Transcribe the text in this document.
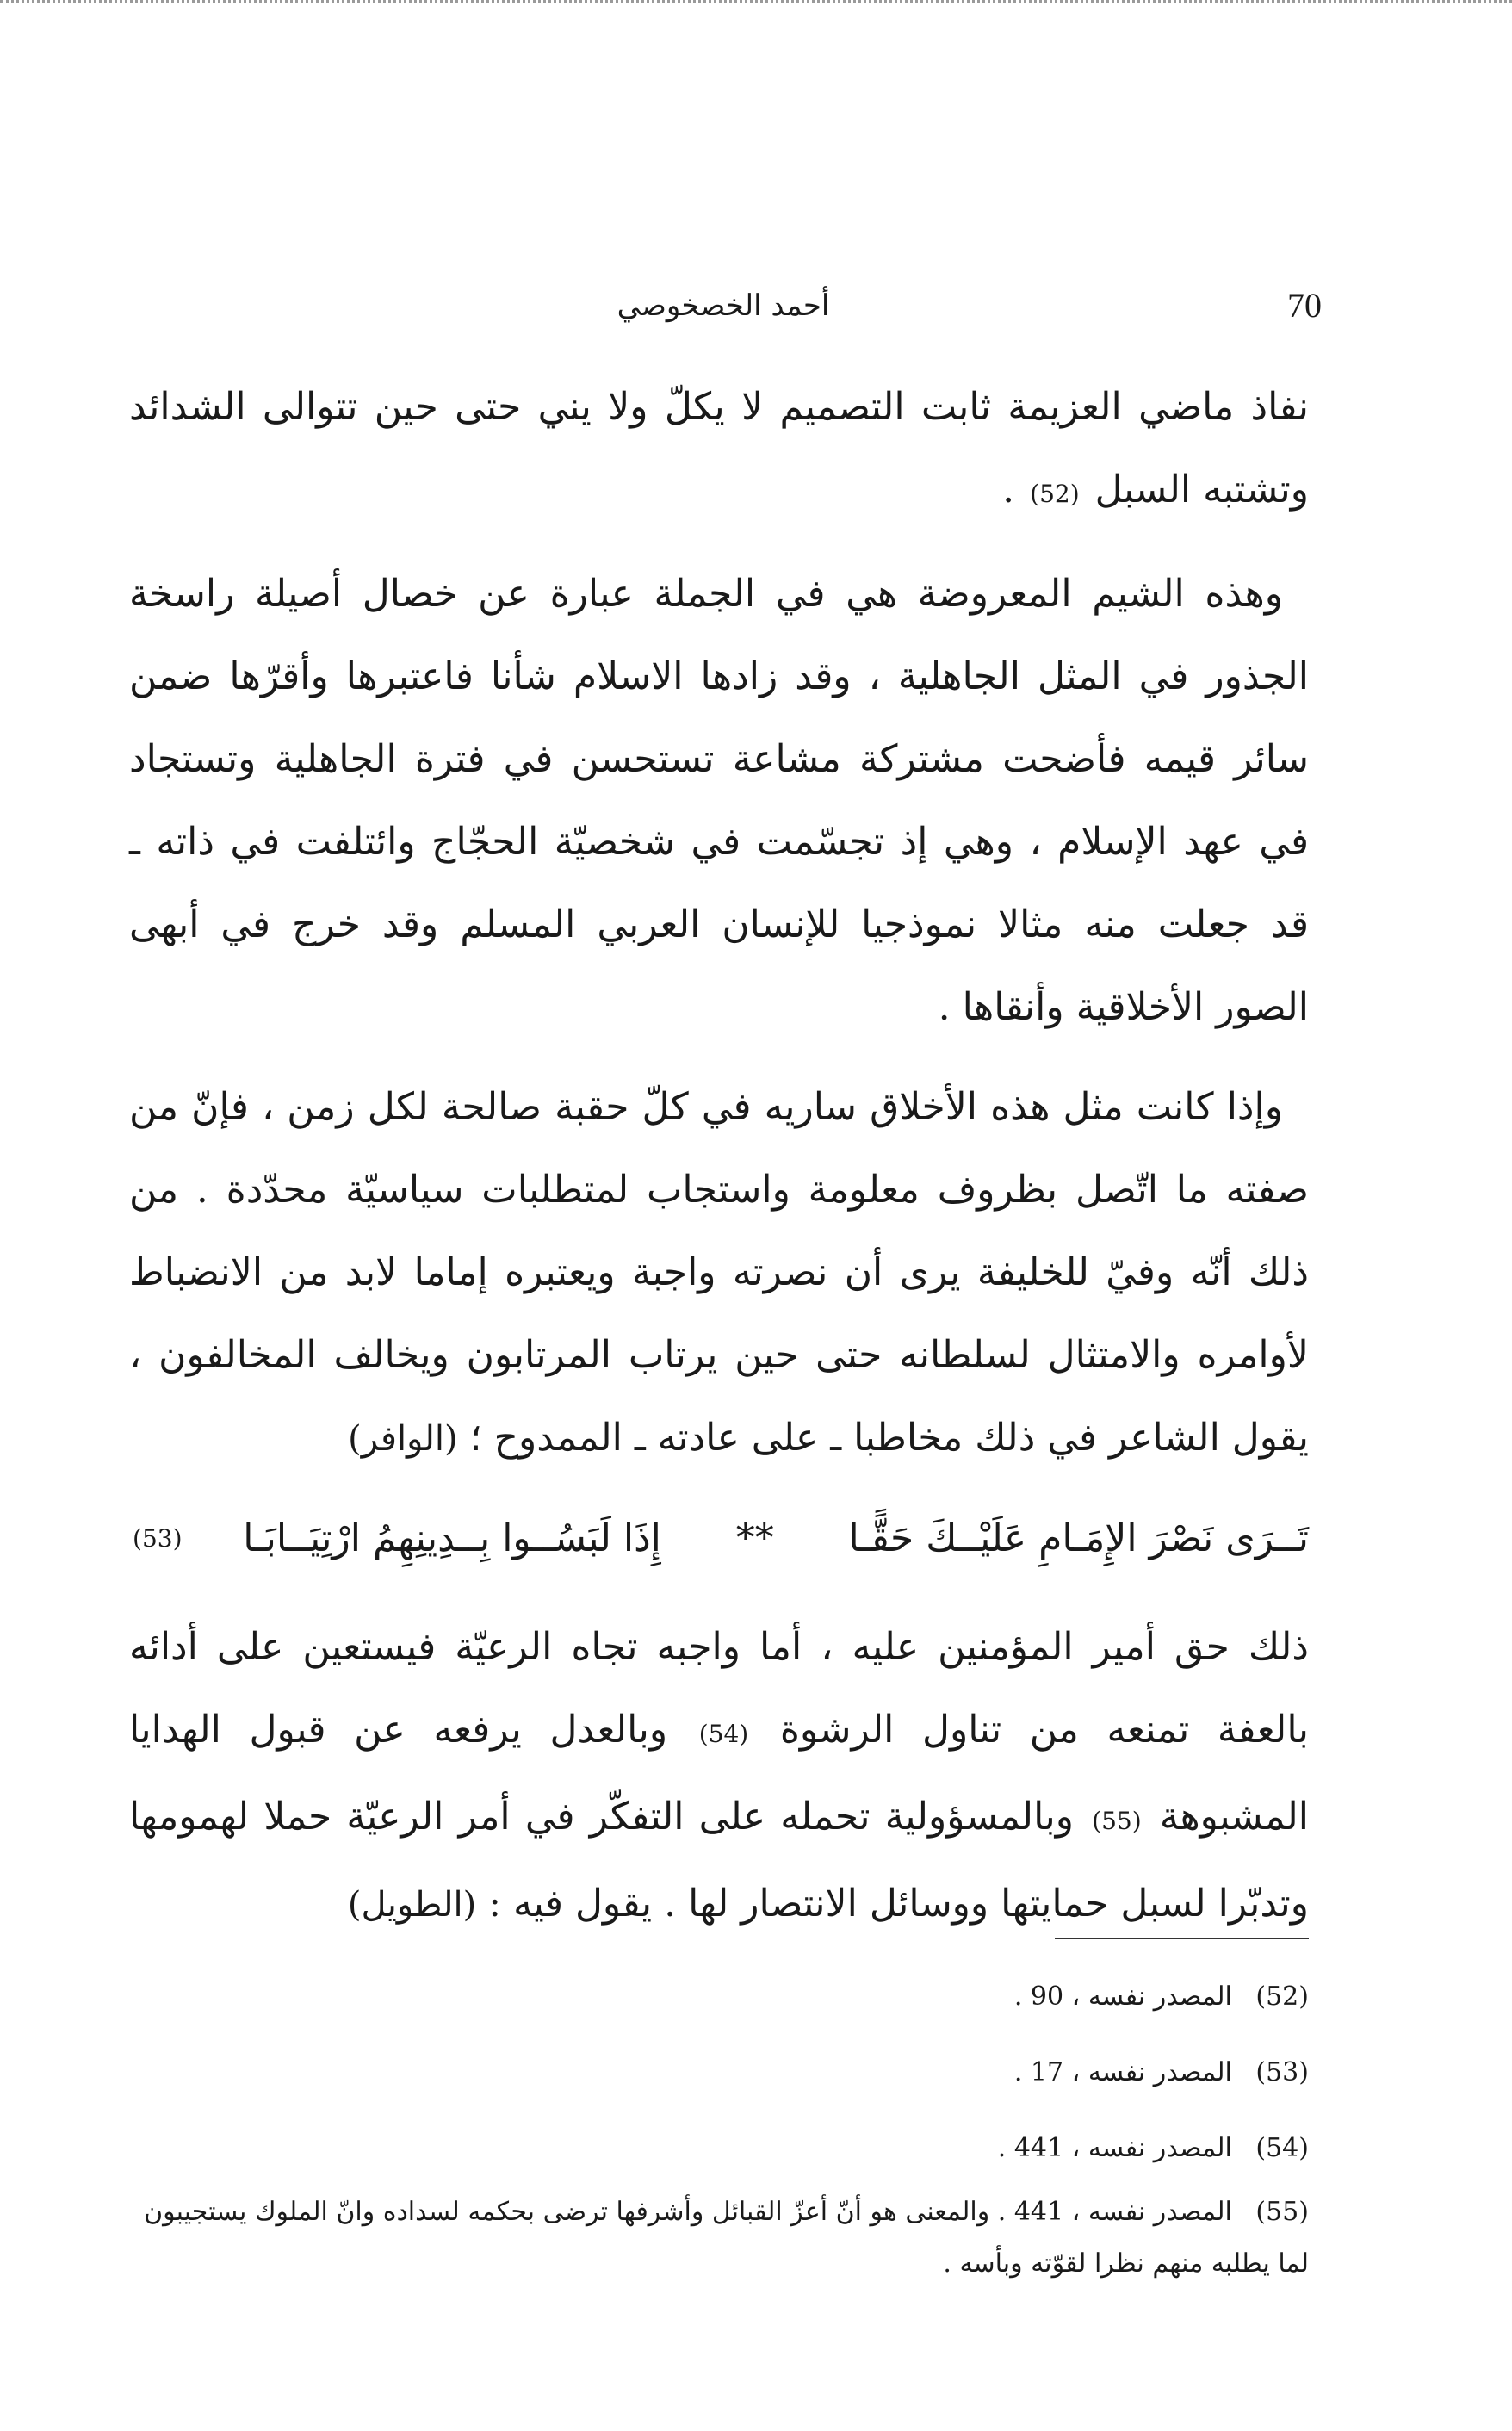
70
أحمد الخصخوصي

نفاذ ماضي العزيمة ثابت التصميم لا يكلّ ولا يني حتى حين تتوالى الشدائد وتشتبه السبل (52) .

وهذه الشيم المعروضة هي في الجملة عبارة عن خصال أصيلة راسخة الجذور في المثل الجاهلية ، وقد زادها الاسلام شأنا فاعتبرها وأقرّها ضمن سائر قيمه فأضحت مشتركة مشاعة تستحسن في فترة الجاهلية وتستجاد في عهد الإسلام ، وهي إذ تجسّمت في شخصيّة الحجّاج وائتلفت في ذاته ـ قد جعلت منه مثالا نموذجيا للإنسان العربي المسلم وقد خرج في أبهى الصور الأخلاقية وأنقاها .

وإذا كانت مثل هذه الأخلاق ساريه في كلّ حقبة صالحة لكل زمن ، فإنّ من صفته ما اتّصل بظروف معلومة واستجاب لمتطلبات سياسيّة محدّدة . من ذلك أنّه وفيّ للخليفة يرى أن نصرته واجبة ويعتبره إماما لابد من الانضباط لأوامره والامتثال لسلطانه حتى حين يرتاب المرتابون ويخالف المخالفون ، يقول الشاعر في ذلك مخاطبا ـ على عادته ـ الممدوح ؛ (الوافر)

تَــرَى نَصْرَ الإِمَـامِ عَلَيْــكَ حَقًّـا
**
إِذَا لَبَسُــوا بِــدِينِهِمُ ارْتِيَــابَـا
(53)

ذلك حق أمير المؤمنين عليه ، أما واجبه تجاه الرعيّة فيستعين على أدائه بالعفة تمنعه من تناول الرشوة (54) وبالعدل يرفعه عن قبول الهدايا المشبوهة (55) وبالمسؤولية تحمله على التفكّر في أمر الرعيّة حملا لهمومها وتدبّرا لسبل حمايتها ووسائل الانتصار لها . يقول فيه : (الطويل)

(52) المصدر نفسه ، 90 .

(53) المصدر نفسه ، 17 .

(54) المصدر نفسه ، 441 .

(55) المصدر نفسه ، 441 . والمعنى هو أنّ أعزّ القبائل وأشرفها ترضى بحكمه لسداده وانّ الملوك يستجيبون لما يطلبه منهم نظرا لقوّته وبأسه .
